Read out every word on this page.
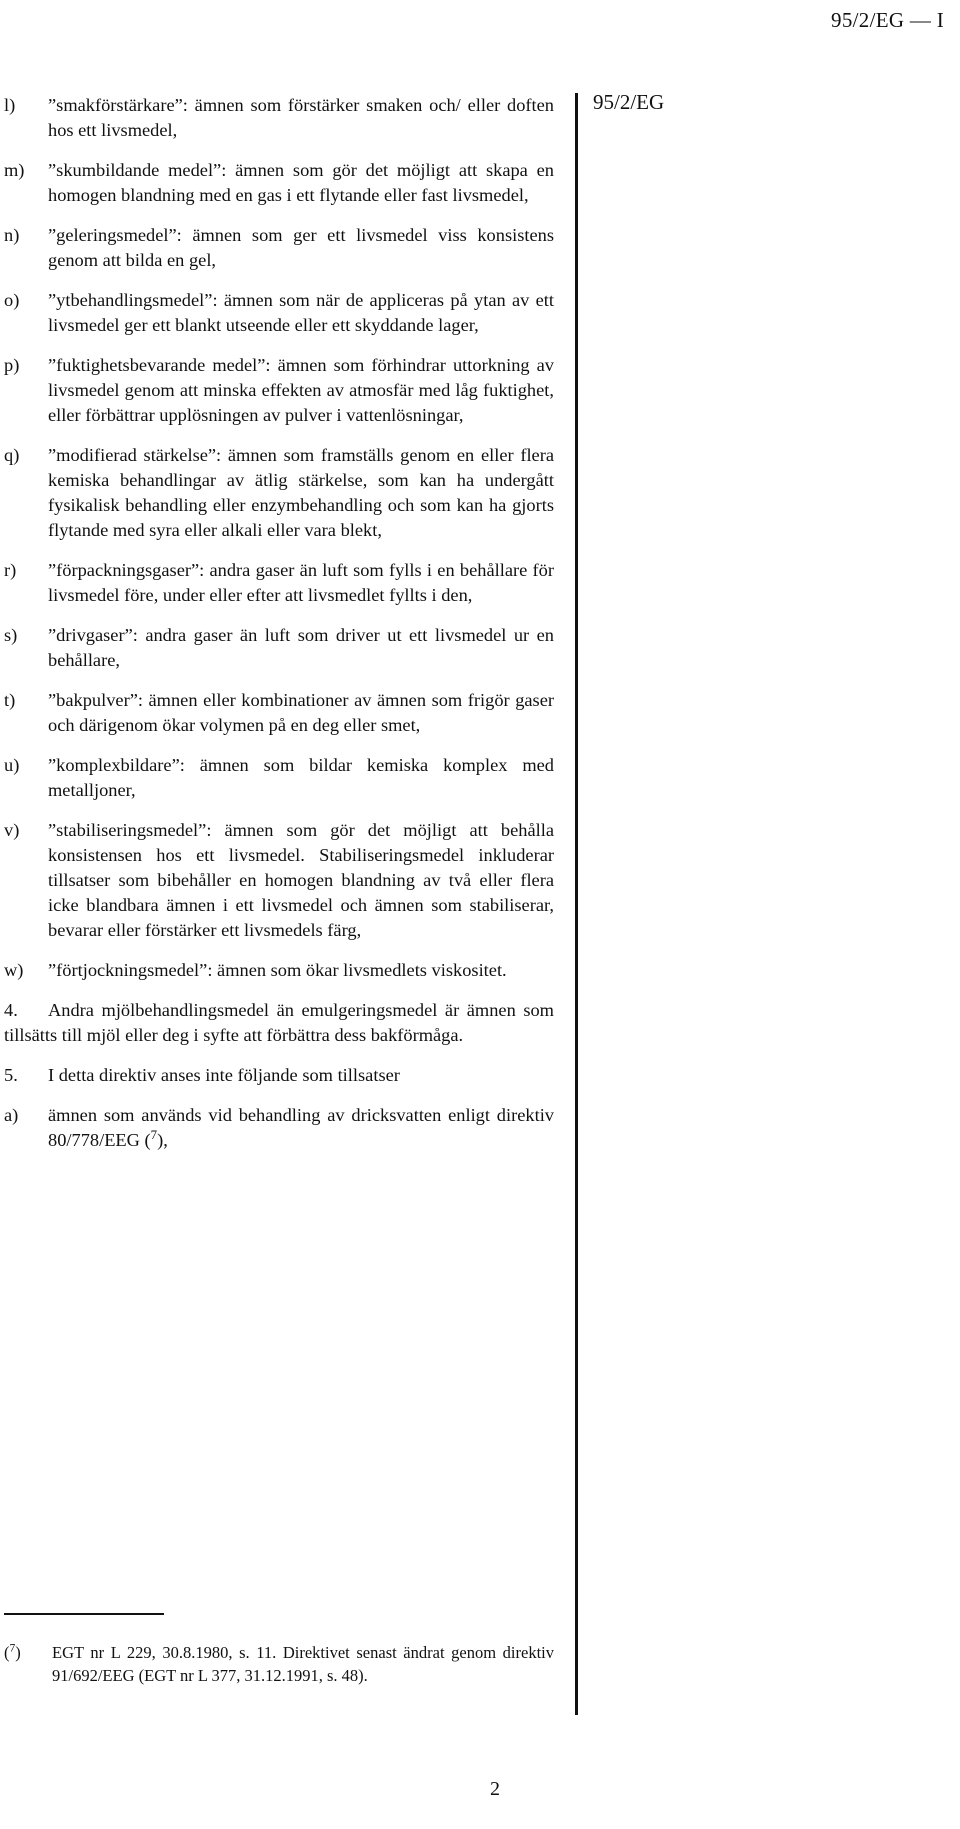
95/2/EG — I
95/2/EG
l)	”smakförstärkare”: ämnen som förstärker smaken och/ eller doften hos ett livsmedel,
m)	”skumbildande medel”: ämnen som gör det möjligt att skapa en homogen blandning med en gas i ett flytande eller fast livsmedel,
n)	”geleringsmedel”: ämnen som ger ett livsmedel viss konsistens genom att bilda en gel,
o)	”ytbehandlingsmedel”: ämnen som när de appliceras på ytan av ett livsmedel ger ett blankt utseende eller ett skyddande lager,
p)	”fuktighetsbevarande medel”: ämnen som förhindrar uttorkning av livsmedel genom att minska effekten av atmosfär med låg fuktighet, eller förbättrar upplösningen av pulver i vattenlösningar,
q)	”modifierad stärkelse”: ämnen som framställs genom en eller flera kemiska behandlingar av ätlig stärkelse, som kan ha undergått fysikalisk behandling eller enzymbehandling och som kan ha gjorts flytande med syra eller alkali eller vara blekt,
r)	”förpackningsgaser”: andra gaser än luft som fylls i en behållare för livsmedel före, under eller efter att livsmedlet fyllts i den,
s)	”drivgaser”: andra gaser än luft som driver ut ett livsmedel ur en behållare,
t)	”bakpulver”: ämnen eller kombinationer av ämnen som frigör gaser och därigenom ökar volymen på en deg eller smet,
u)	”komplexbildare”: ämnen som bildar kemiska komplex med metalljoner,
v)	”stabiliseringsmedel”: ämnen som gör det möjligt att behålla konsistensen hos ett livsmedel. Stabiliseringsmedel inkluderar tillsatser som bibehåller en homogen blandning av två eller flera icke blandbara ämnen i ett livsmedel och ämnen som stabiliserar, bevarar eller förstärker ett livsmedels färg,
w)	”förtjockningsmedel”: ämnen som ökar livsmedlets viskositet.
4. Andra mjölbehandlingsmedel än emulgeringsmedel är ämnen som tillsätts till mjöl eller deg i syfte att förbättra dess bakförmåga.
5. I detta direktiv anses inte följande som tillsatser
a)	ämnen som används vid behandling av dricksvatten enligt direktiv 80/778/EEG ($^7$),
($^7$)	EGT nr L 229, 30.8.1980, s. 11. Direktivet senast ändrat genom direktiv 91/692/EEG (EGT nr L 377, 31.12.1991, s. 48).
2
